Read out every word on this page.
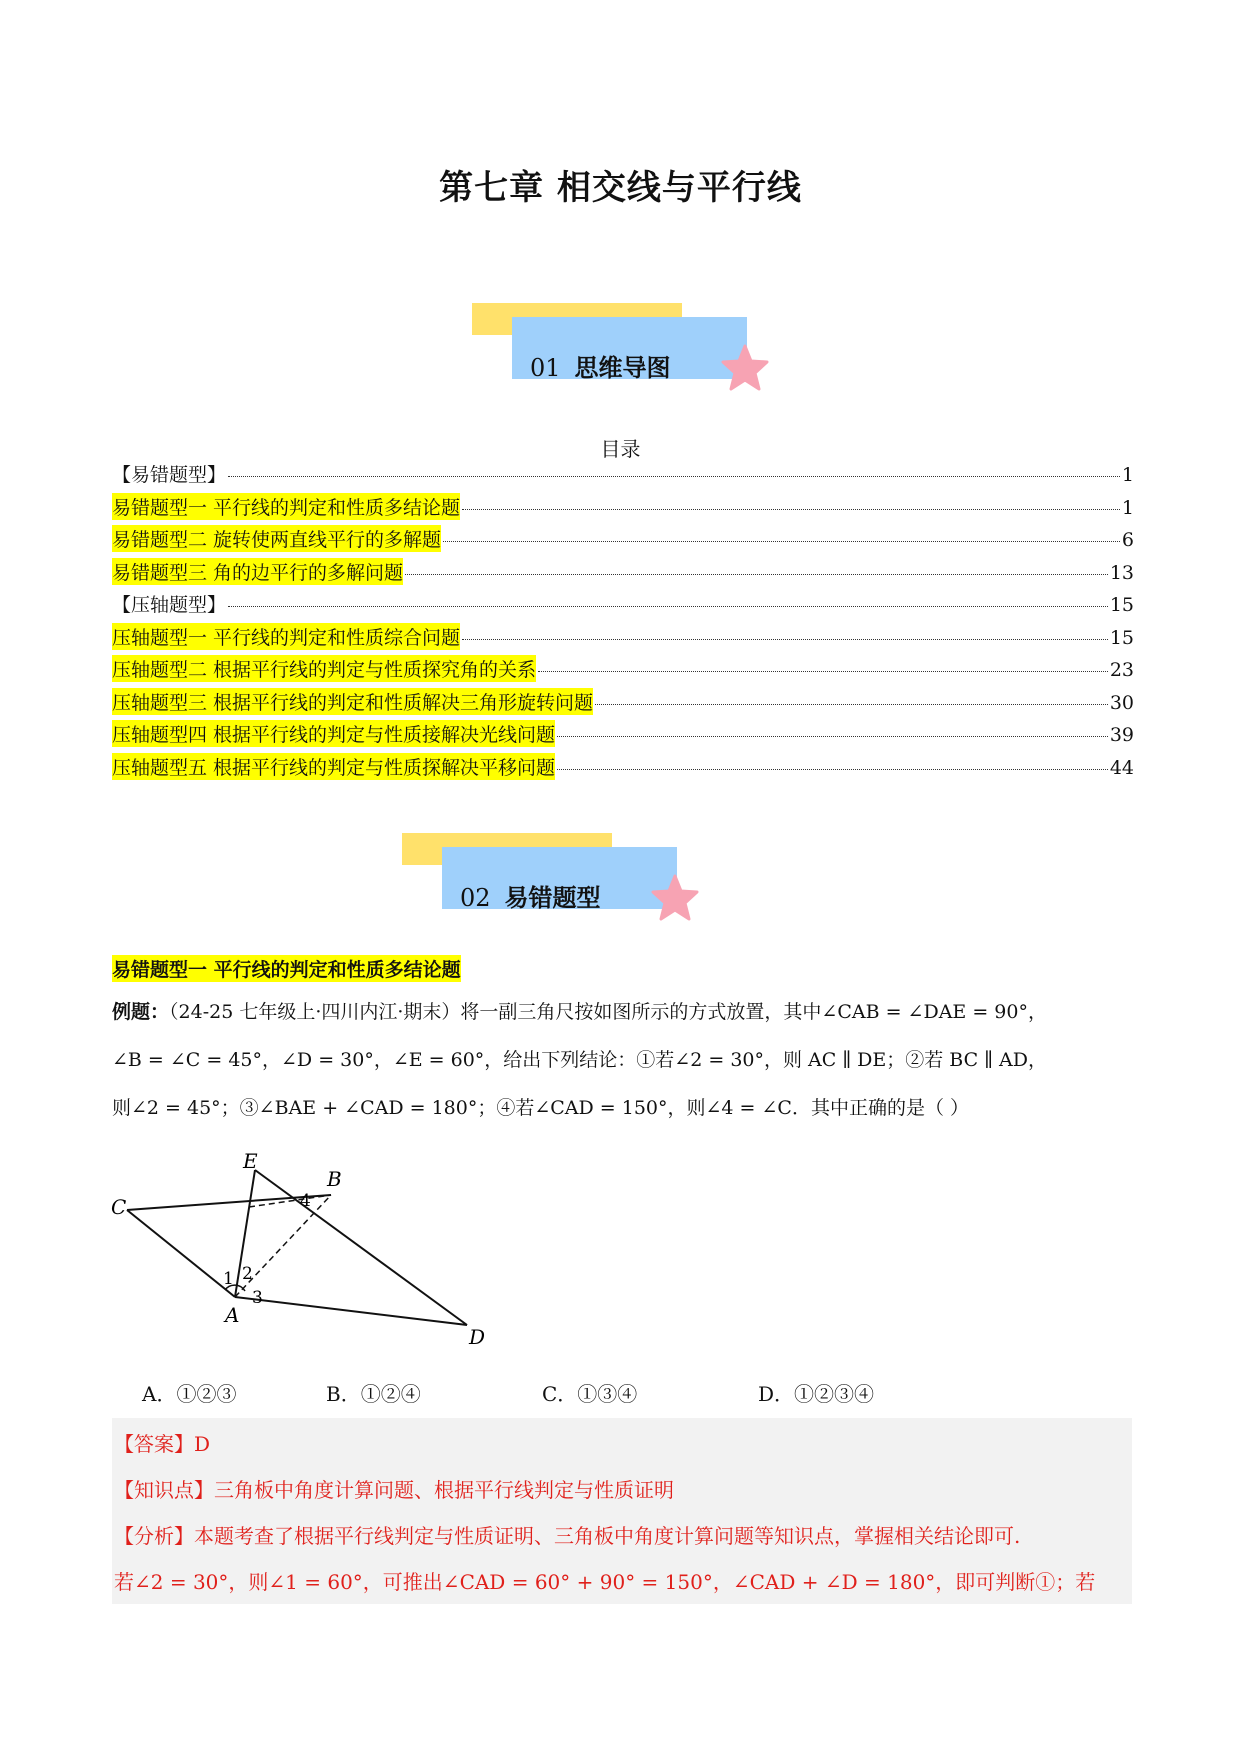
第七章 相交线与平行线
01 思维导图
目录
【易错题型】	1
易错题型一 平行线的判定和性质多结论题	1
易错题型二 旋转使两直线平行的多解题	6
易错题型三 角的边平行的多解问题	13
【压轴题型】	15
压轴题型一 平行线的判定和性质综合问题	15
压轴题型二 根据平行线的判定与性质探究角的关系	23
压轴题型三 根据平行线的判定和性质解决三角形旋转问题	30
压轴题型四 根据平行线的判定与性质接解决光线问题	39
压轴题型五 根据平行线的判定与性质探解决平移问题	44
02 易错题型
易错题型一 平行线的判定和性质多结论题
例题：（24-25 七年级上·四川内江·期末）将一副三角尺按如图所示的方式放置，其中∠CAB = ∠DAE = 90°，
∠B = ∠C = 45°，∠D = 30°，∠E = 60°，给出下列结论：①若∠2 = 30°，则 AC ∥ DE；②若 BC ∥ AD，
则∠2 = 45°；③∠BAE + ∠CAD = 180°；④若∠CAD = 150°，则∠4 = ∠C．其中正确的是（ ）
E
B
C
A
D
1 2
3
4
A．①②③	B．①②④	C．①③④	D．①②③④
【答案】D
【知识点】三角板中角度计算问题、根据平行线判定与性质证明
【分析】本题考查了根据平行线判定与性质证明、三角板中角度计算问题等知识点，掌握相关结论即可.
若∠2 = 30°，则∠1 = 60°，可推出∠CAD = 60° + 90° = 150°，∠CAD + ∠D = 180°，即可判断①；若
